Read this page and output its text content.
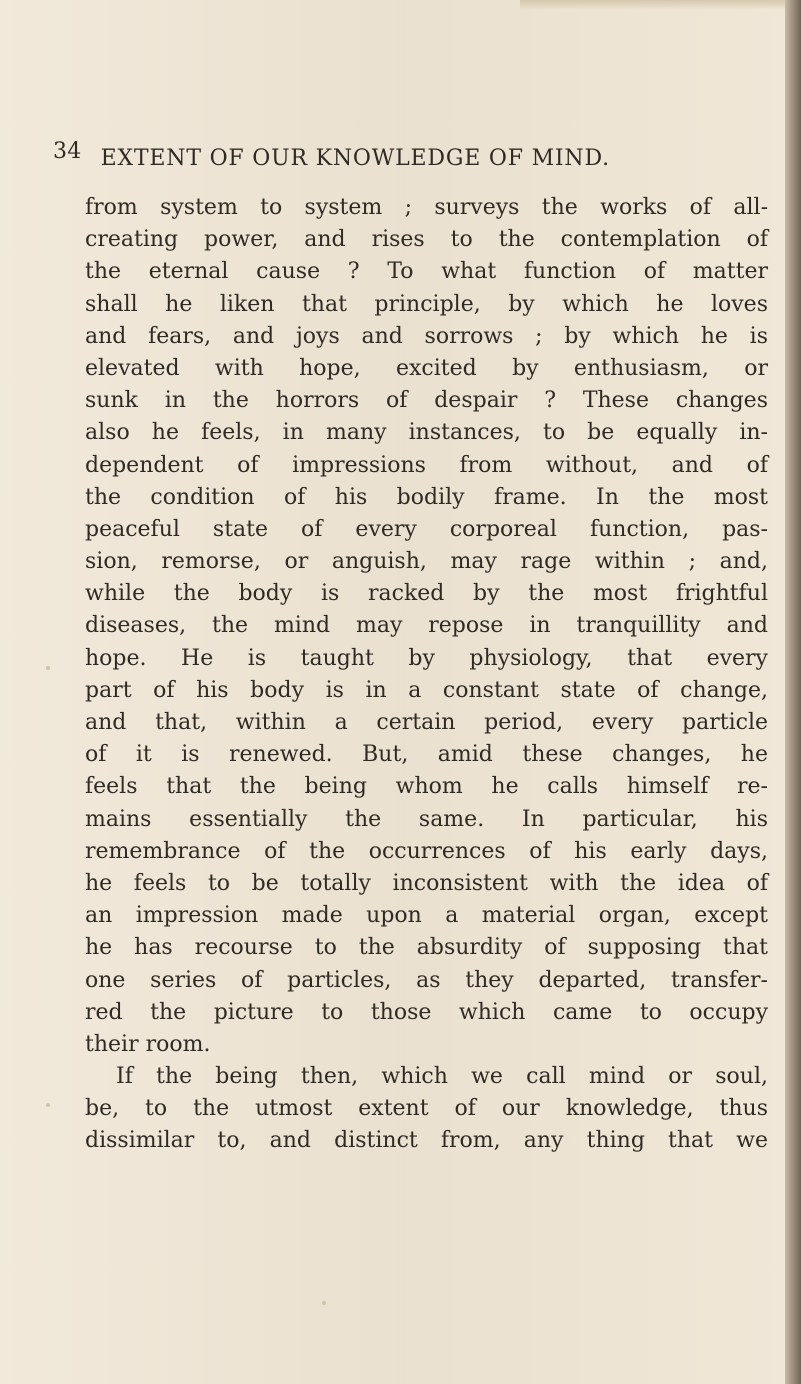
34 EXTENT OF OUR KNOWLEDGE OF MIND.
from system to system ; surveys the works of all-
creating power, and rises to the contemplation of
the eternal cause ? To what function of matter
shall he liken that principle, by which he loves
and fears, and joys and sorrows ; by which he is
elevated with hope, excited by enthusiasm, or
sunk in the horrors of despair ? These changes
also he feels, in many instances, to be equally in-
dependent of impressions from without, and of
the condition of his bodily frame. In the most
peaceful state of every corporeal function, pas-
sion, remorse, or anguish, may rage within ; and,
while the body is racked by the most frightful
diseases, the mind may repose in tranquillity and
hope. He is taught by physiology, that every
part of his body is in a constant state of change,
and that, within a certain period, every particle
of it is renewed. But, amid these changes, he
feels that the being whom he calls himself re-
mains essentially the same. In particular, his
remembrance of the occurrences of his early days,
he feels to be totally inconsistent with the idea of
an impression made upon a material organ, except
he has recourse to the absurdity of supposing that
one series of particles, as they departed, transfer-
red the picture to those which came to occupy
their room.
If the being then, which we call mind or soul,
be, to the utmost extent of our knowledge, thus
dissimilar to, and distinct from, any thing that we
